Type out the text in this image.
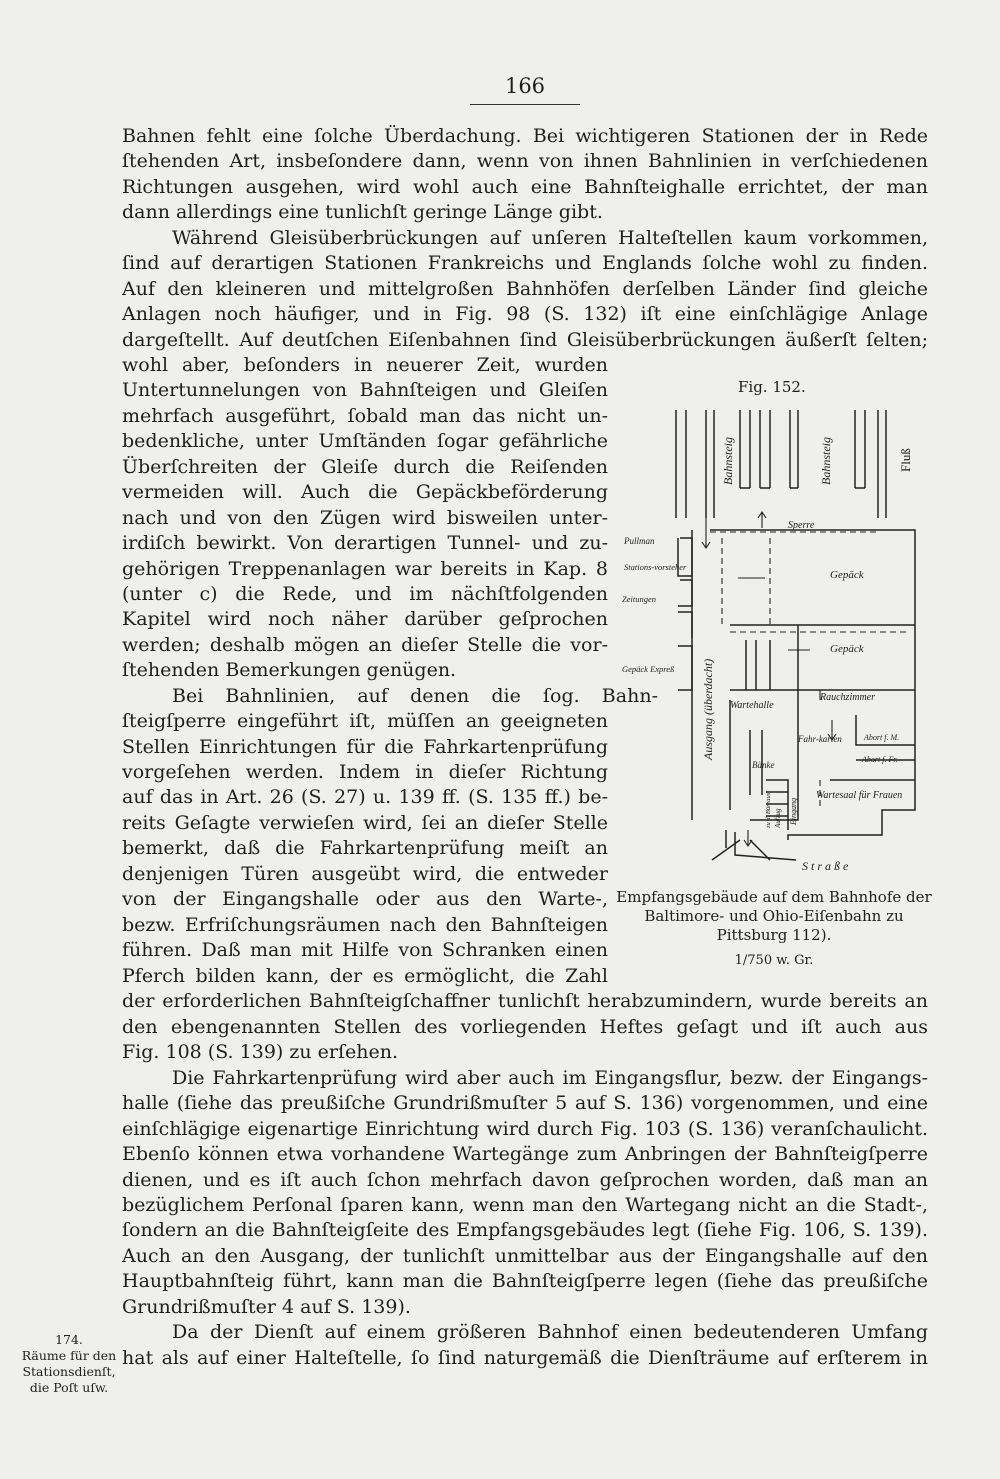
166
Bahnen fehlt eine ſolche Überdachung. Bei wichtigeren Stationen der in Rede
ſtehenden Art, insbeſondere dann, wenn von ihnen Bahnlinien in verſchiedenen
Richtungen ausgehen, wird wohl auch eine Bahnſteighalle errichtet, der man
dann allerdings eine tunlichſt geringe Länge gibt.
Während Gleisüberbrückungen auf unſeren Halteſtellen kaum vorkommen,
ſind auf derartigen Stationen Frankreichs und Englands ſolche wohl zu finden.
Auf den kleineren und mittelgroßen Bahnhöfen derſelben Länder ſind gleiche
Anlagen noch häufiger, und in Fig. 98 (S. 132) iſt eine einſchlägige Anlage
dargeſtellt. Auf deutſchen Eiſenbahnen ſind Gleisüberbrückungen äußerſt ſelten;
wohl aber, beſonders in neuerer Zeit, wurden
Untertunnelungen von Bahnſteigen und Gleiſen
mehrfach ausgeführt, ſobald man das nicht un-
bedenkliche, unter Umſtänden ſogar gefährliche
Überſchreiten der Gleiſe durch die Reiſenden
vermeiden will. Auch die Gepäckbeförderung
nach und von den Zügen wird bisweilen unter-
irdiſch bewirkt. Von derartigen Tunnel- und zu-
gehörigen Treppenanlagen war bereits in Kap. 8
(unter c) die Rede, und im nächſtfolgenden
Kapitel wird noch näher darüber geſprochen
werden; deshalb mögen an dieſer Stelle die vor-
ſtehenden Bemerkungen genügen.
Bei Bahnlinien, auf denen die ſog. Bahn-
ſteigſperre eingeführt iſt, müſſen an geeigneten
Stellen Einrichtungen für die Fahrkartenprüfung
vorgeſehen werden. Indem in dieſer Richtung
auf das in Art. 26 (S. 27) u. 139 ff. (S. 135 ff.) be-
reits Geſagte verwieſen wird, ſei an dieſer Stelle
bemerkt, daß die Fahrkartenprüfung meiſt an
denjenigen Türen ausgeübt wird, die entweder
von der Eingangshalle oder aus den Warte-,
bezw. Erfriſchungsräumen nach den Bahnſteigen
führen. Daß man mit Hilfe von Schranken einen
Pferch bilden kann, der es ermöglicht, die Zahl
der erforderlichen Bahnſteigſchaffner tunlichſt herabzumindern, wurde bereits an
den ebengenannten Stellen des vorliegenden Heftes geſagt und iſt auch aus
Fig. 108 (S. 139) zu erſehen.
Die Fahrkartenprüfung wird aber auch im Eingangsflur, bezw. der Eingangs-
halle (ſiehe das preußiſche Grundrißmuſter 5 auf S. 136) vorgenommen, und eine
einſchlägige eigenartige Einrichtung wird durch Fig. 103 (S. 136) veranſchaulicht.
Ebenſo können etwa vorhandene Wartegänge zum Anbringen der Bahnſteigſperre
dienen, und es iſt auch ſchon mehrfach davon geſprochen worden, daß man an
bezüglichem Perſonal ſparen kann, wenn man den Wartegang nicht an die Stadt-,
ſondern an die Bahnſteigſeite des Empfangsgebäudes legt (ſiehe Fig. 106, S. 139).
Auch an den Ausgang, der tunlichſt unmittelbar aus der Eingangshalle auf den
Hauptbahnſteig führt, kann man die Bahnſteigſperre legen (ſiehe das preußiſche
Grundrißmuſter 4 auf S. 139).
Da der Dienſt auf einem größeren Bahnhof einen bedeutenderen Umfang
hat als auf einer Halteſtelle, ſo ſind naturgemäß die Dienſträume auf erſterem in
Fig. 152.
Bahnsteig	Bahnsteig	Fluß
Sperre
Pullman
Stations-vorsteher
Zeitungen
Gepäck Expreß
Gepäck
Gepäck
Ausgang (überdacht) Wartehalle
Rauchzimmer
Fahr-karten	Abort f. M.
Abort f. Fr.
Bänke
Aufzug
zu d. Büreaus Eingang
Wartesaal für Frauen
Straße
Empfangsgebäude auf dem Bahnhofe der Baltimore- und Ohio-Eiſenbahn zu Pittsburg 112).
1/750 w. Gr.
174.
Räume für den Stationsdienſt, die Poſt uſw.
